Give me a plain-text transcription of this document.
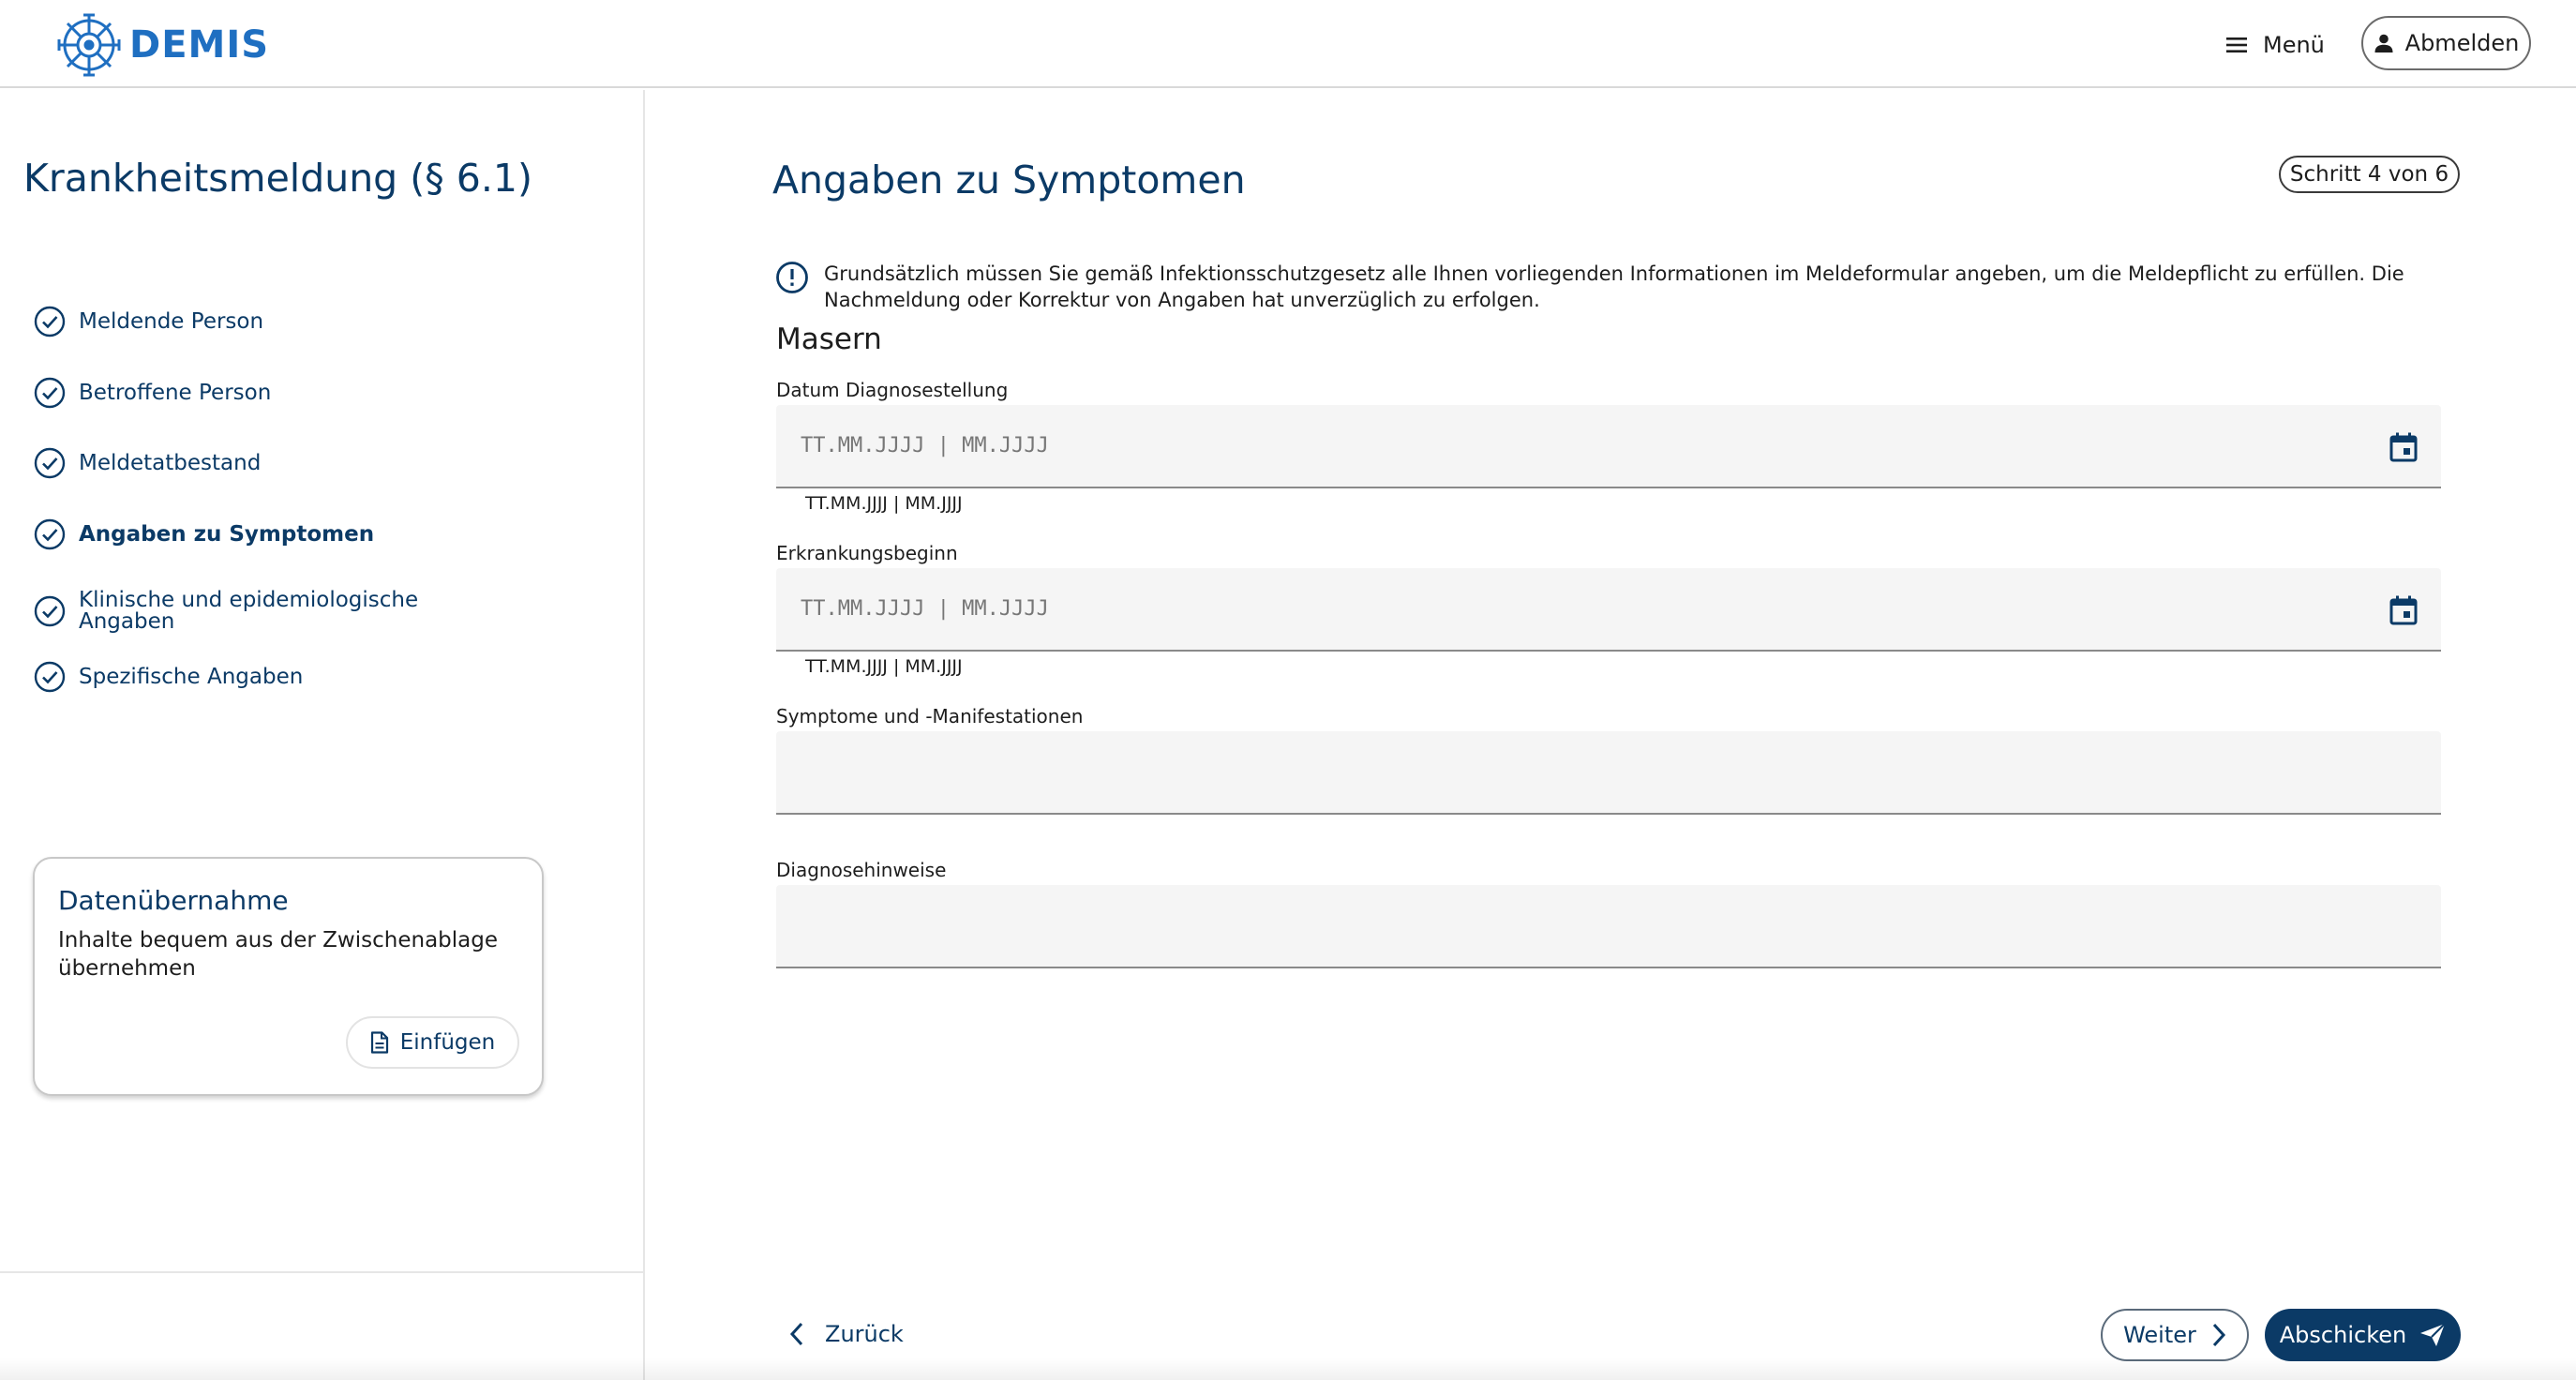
DEMIS	Menü	Abmelden
Krankheitsmeldung (§ 6.1)
Meldende Person
Betroffene Person
Meldetatbestand
Angaben zu Symptomen
Klinische und epidemiologische Angaben
Spezifische Angaben
Datenübernahme
Inhalte bequem aus der Zwischenablage übernehmen
Einfügen
Angaben zu Symptomen	Schritt 4 von 6
Grundsätzlich müssen Sie gemäß Infektionsschutzgesetz alle Ihnen vorliegenden Informationen im Meldeformular angeben, um die Meldepflicht zu erfüllen. Die Nachmeldung oder Korrektur von Angaben hat unverzüglich zu erfolgen.
Masern
Datum Diagnosestellung
TT.MM.JJJJ | MM.JJJJ
TT.MM.JJJJ | MM.JJJJ
Erkrankungsbeginn
TT.MM.JJJJ | MM.JJJJ
TT.MM.JJJJ | MM.JJJJ
Symptome und -Manifestationen
Diagnosehinweise
Zurück	Weiter	Abschicken
